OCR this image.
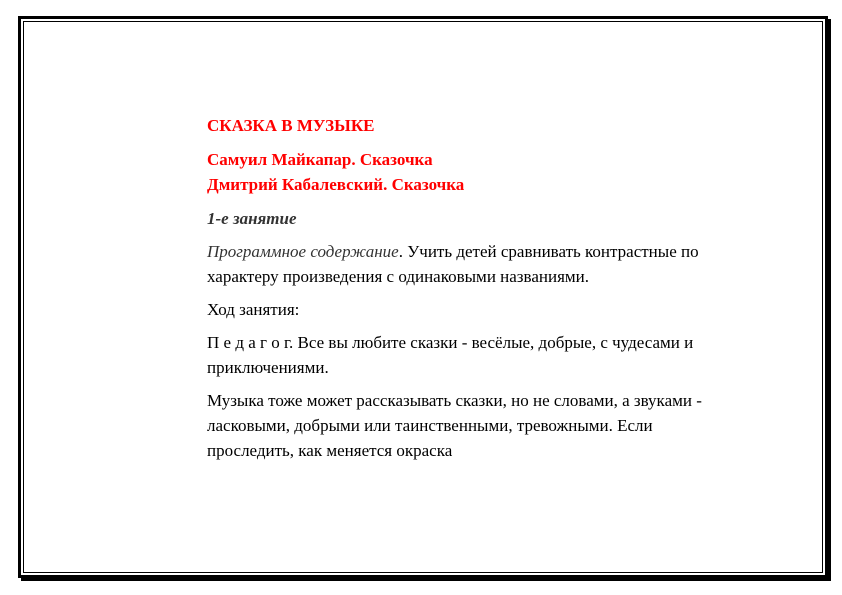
СКАЗКА В МУЗЫКЕ

Самуил Майкапар. Сказочка

Дмитрий Кабалевский. Сказочка

1-е занятие

Программное содержание. Учить детей сравнивать контрастные по характеру произведения с одинаковыми названиями.

Ход занятия:

П е д а г о г. Все вы любите сказки - весёлые, добрые, с чудесами и приключениями.

Музыка тоже может рассказывать сказки, но не словами, а звуками - ласковыми, добрыми или таинственными, тревожными. Если проследить, как меняется окраска
